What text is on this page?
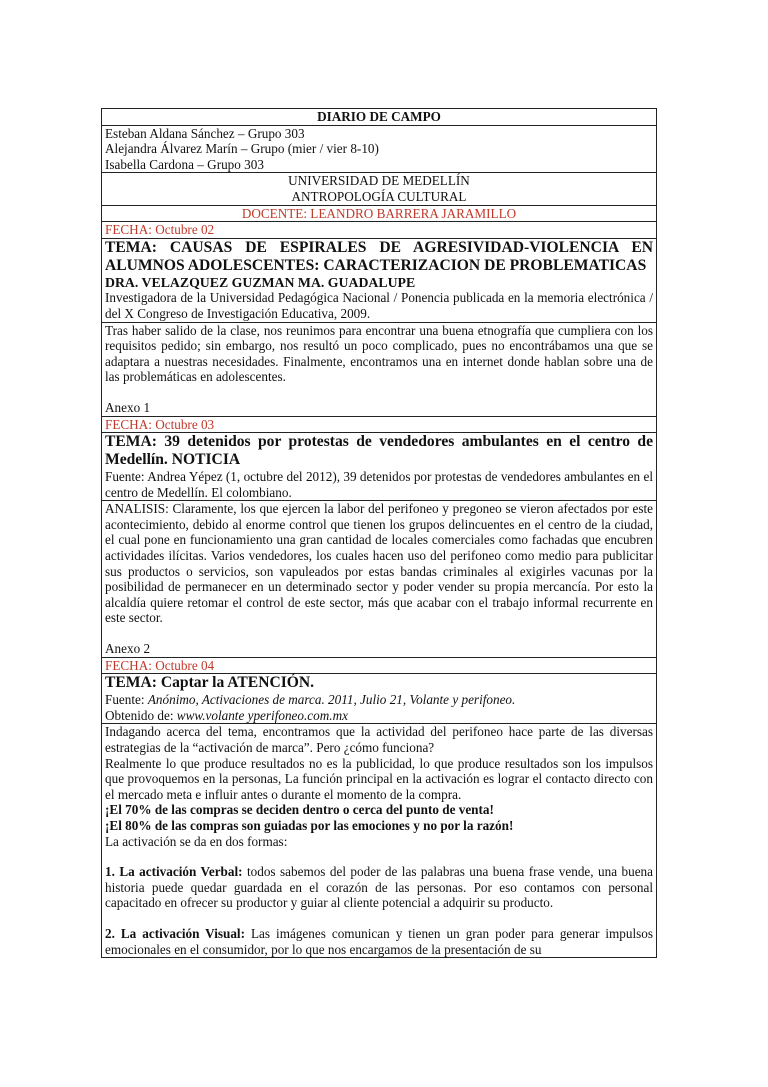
DIARIO DE CAMPO

Esteban Aldana Sánchez – Grupo 303
Alejandra Álvarez Marín – Grupo (mier / vier 8-10)
Isabella Cardona – Grupo 303

UNIVERSIDAD DE MEDELLÍN
ANTROPOLOGÍA CULTURAL

DOCENTE: LEANDRO BARRERA JARAMILLO
FECHA: Octubre 02

TEMA: CAUSAS DE ESPIRALES DE AGRESIVIDAD-VIOLENCIA EN ALUMNOS ADOLESCENTES: CARACTERIZACION DE PROBLEMATICAS
DRA. VELAZQUEZ GUZMAN MA. GUADALUPE
Investigadora de la Universidad Pedagógica Nacional / Ponencia publicada en la memoria electrónica / del X Congreso de Investigación Educativa, 2009.

Tras haber salido de la clase, nos reunimos para encontrar una buena etnografía que cumpliera con los requisitos pedido; sin embargo, nos resultó un poco complicado, pues no encontrábamos una que se adaptara a nuestras necesidades. Finalmente, encontramos una en internet donde hablan sobre una de las problemáticas en adolescentes.
Anexo 1

FECHA: Octubre 03

TEMA: 39 detenidos por protestas de vendedores ambulantes en el centro de Medellín. NOTICIA
Fuente: Andrea Yépez (1, octubre del 2012), 39 detenidos por protestas de vendedores ambulantes en el centro de Medellín. El colombiano.

ANALISIS: Claramente, los que ejercen la labor del perifoneo y pregoneo se vieron afectados por este acontecimiento, debido al enorme control que tienen los grupos delincuentes en el centro de la ciudad, el cual pone en funcionamiento una gran cantidad de locales comerciales como fachadas que encubren actividades ilícitas. Varios vendedores, los cuales hacen uso del perifoneo como medio para publicitar sus productos o servicios, son vapuleados por estas bandas criminales al exigirles vacunas por la posibilidad de permanecer en un determinado sector y poder vender su propia mercancía. Por esto la alcaldía quiere retomar el control de este sector, más que acabar con el trabajo informal recurrente en este sector.
Anexo 2

FECHA: Octubre 04

TEMA: Captar la ATENCIÓN.
Fuente: Anónimo, Activaciones de marca. 2011, Julio 21, Volante y perifoneo.
Obtenido de: www.volante yperifoneo.com.mx

Indagando acerca del tema, encontramos que la actividad del perifoneo hace parte de las diversas estrategias de la “activación de marca”. Pero ¿cómo funciona?
Realmente lo que produce resultados no es la publicidad, lo que produce resultados son los impulsos que provoquemos en la personas, La función principal en la activación es lograr el contacto directo con el mercado meta e influir antes o durante el momento de la compra.
¡El 70% de las compras se deciden dentro o cerca del punto de venta!
¡El 80% de las compras son guiadas por las emociones y no por la razón!
La activación se da en dos formas:
1. La activación Verbal: todos sabemos del poder de las palabras una buena frase vende, una buena historia puede quedar guardada en el corazón de las personas. Por eso contamos con personal capacitado en ofrecer su productor y guiar al cliente potencial a adquirir su producto.
2. La activación Visual: Las imágenes comunican y tienen un gran poder para generar impulsos emocionales en el consumidor, por lo que nos encargamos de la presentación de su
